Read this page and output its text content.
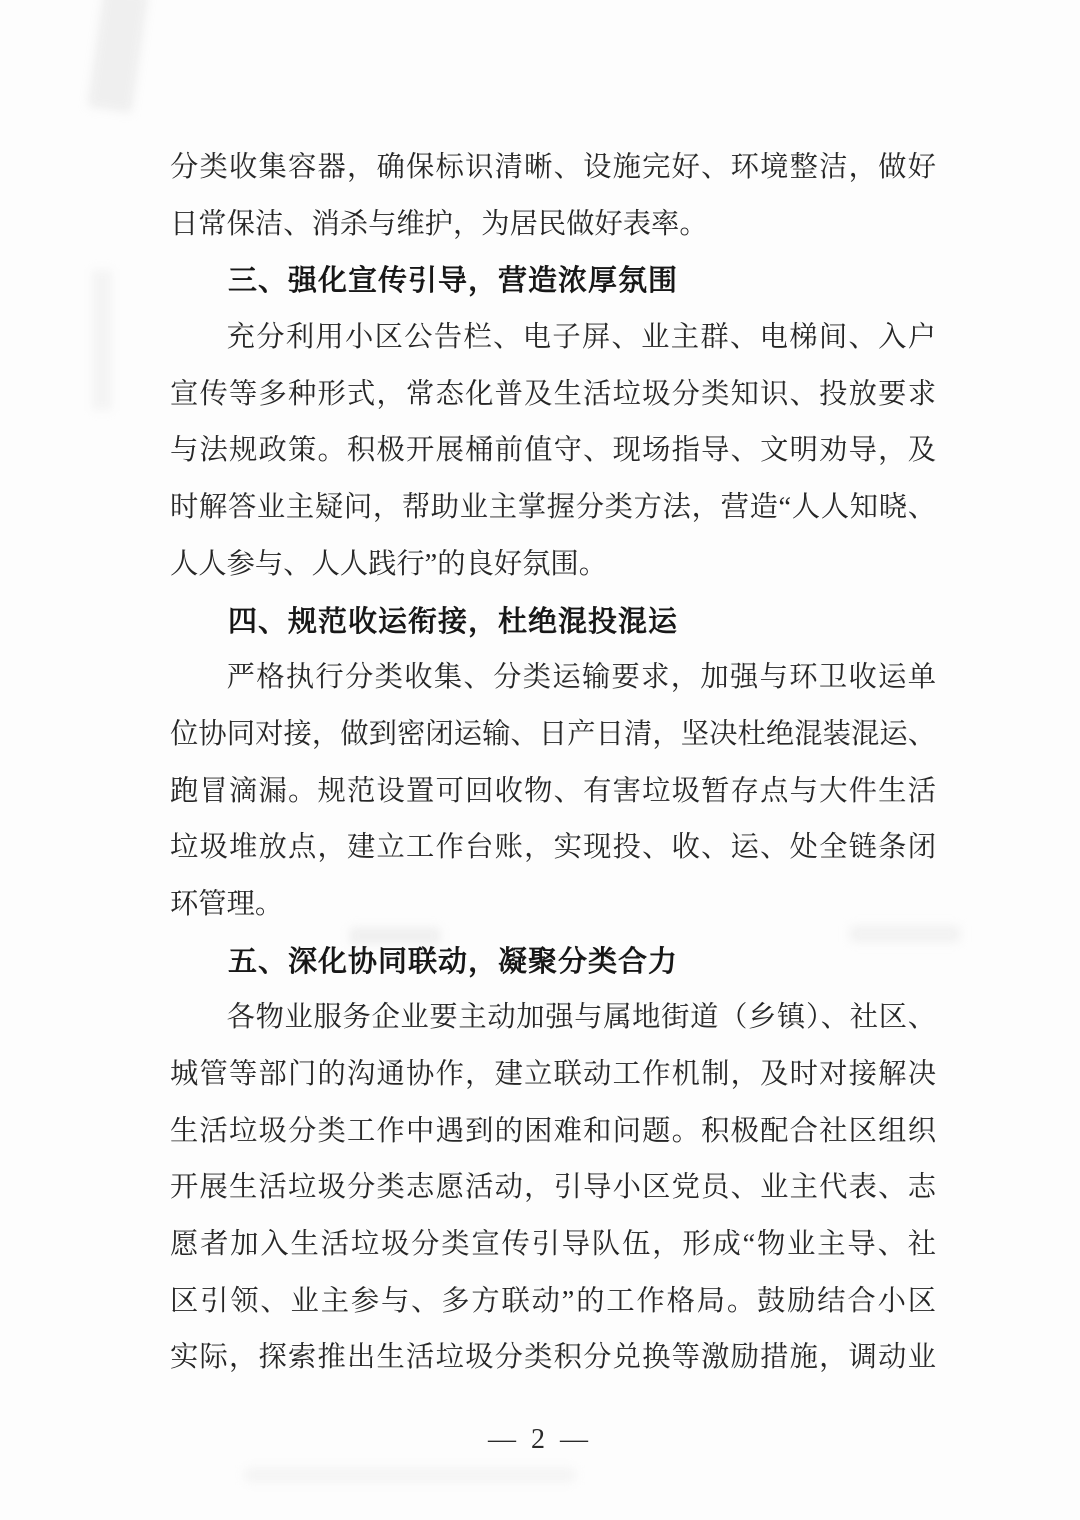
分类收集容器，确保标识清晰、设施完好、环境整洁，做好
日常保洁、消杀与维护，为居民做好表率。
三、强化宣传引导，营造浓厚氛围
充分利用小区公告栏、电子屏、业主群、电梯间、入户
宣传等多种形式，常态化普及生活垃圾分类知识、投放要求
与法规政策。积极开展桶前值守、现场指导、文明劝导，及
时解答业主疑问，帮助业主掌握分类方法，营造“人人知晓、
人人参与、人人践行”的良好氛围。
四、规范收运衔接，杜绝混投混运
严格执行分类收集、分类运输要求，加强与环卫收运单
位协同对接，做到密闭运输、日产日清，坚决杜绝混装混运、
跑冒滴漏。规范设置可回收物、有害垃圾暂存点与大件生活
垃圾堆放点，建立工作台账，实现投、收、运、处全链条闭
环管理。
五、深化协同联动，凝聚分类合力
各物业服务企业要主动加强与属地街道（乡镇）、社区、
城管等部门的沟通协作，建立联动工作机制，及时对接解决
生活垃圾分类工作中遇到的困难和问题。积极配合社区组织
开展生活垃圾分类志愿活动，引导小区党员、业主代表、志
愿者加入生活垃圾分类宣传引导队伍，形成“物业主导、社
区引领、业主参与、多方联动”的工作格局。鼓励结合小区
实际，探索推出生活垃圾分类积分兑换等激励措施，调动业
— 2 —
